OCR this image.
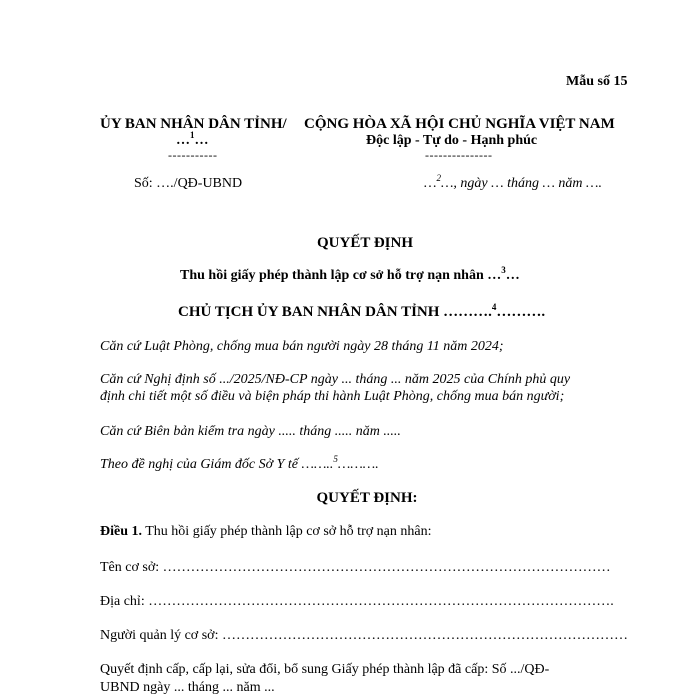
Mẫu số 15
ỦY BAN NHÂN DÂN TỈNH/
…$^1$…
-----------
CỘNG HÒA XÃ HỘI CHỦ NGHĨA VIỆT NAM
Độc lập - Tự do - Hạnh phúc
---------------
Số: …./QĐ-UBND	…$^2$…, ngày … tháng … năm ….
QUYẾT ĐỊNH
Thu hồi giấy phép thành lập cơ sở hỗ trợ nạn nhân …$^3$…
CHỦ TỊCH ỦY BAN NHÂN DÂN TỈNH ……….$^4$……….
Căn cứ Luật Phòng, chống mua bán người ngày 28 tháng 11 năm 2024;
Căn cứ Nghị định số .../2025/NĐ-CP ngày ... tháng ... năm 2025 của Chính phủ quy
định chi tiết một số điều và biện pháp thi hành Luật Phòng, chống mua bán người;
Căn cứ Biên bản kiểm tra ngày ..... tháng ..... năm .....
Theo đề nghị của Giám đốc Sở Y tế ……..$^5$……….
QUYẾT ĐỊNH:
Điều 1. Thu hồi giấy phép thành lập cơ sở hỗ trợ nạn nhân:
Tên cơ sở: ……………………………………………………………………………………
Địa chỉ: ……………………………………………………………………………………….
Người quản lý cơ sở: ……………………………………………………………………………
Quyết định cấp, cấp lại, sửa đổi, bổ sung Giấy phép thành lập đã cấp: Số .../QĐ-
UBND ngày ... tháng ... năm ...
